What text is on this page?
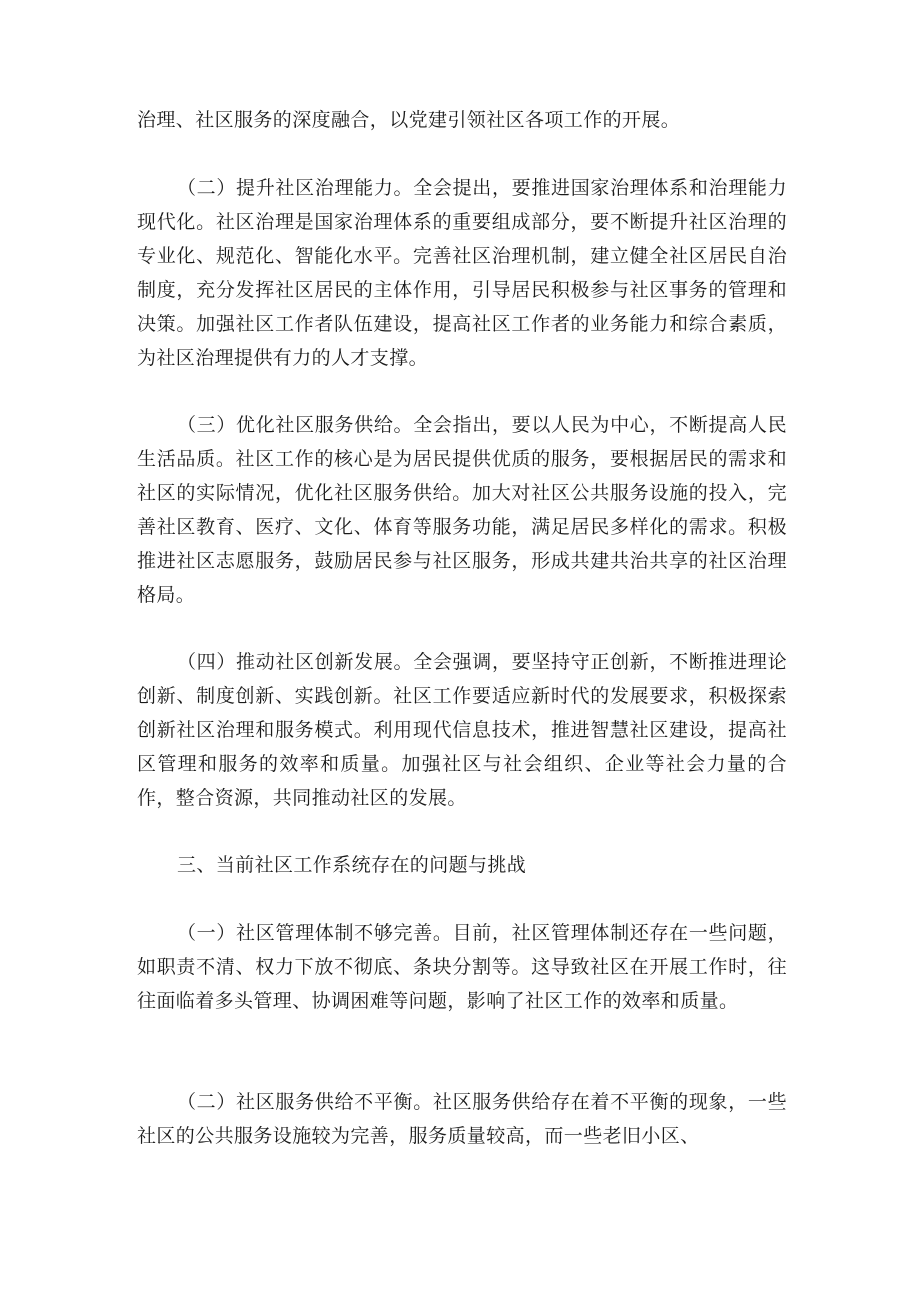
治理、社区服务的深度融合，以党建引领社区各项工作的开展。

（二）提升社区治理能力。全会提出，要推进国家治理体系和治理能力现代化。社区治理是国家治理体系的重要组成部分，要不断提升社区治理的专业化、规范化、智能化水平。完善社区治理机制，建立健全社区居民自治制度，充分发挥社区居民的主体作用，引导居民积极参与社区事务的管理和决策。加强社区工作者队伍建设，提高社区工作者的业务能力和综合素质，为社区治理提供有力的人才支撑。

（三）优化社区服务供给。全会指出，要以人民为中心，不断提高人民生活品质。社区工作的核心是为居民提供优质的服务，要根据居民的需求和社区的实际情况，优化社区服务供给。加大对社区公共服务设施的投入，完善社区教育、医疗、文化、体育等服务功能，满足居民多样化的需求。积极推进社区志愿服务，鼓励居民参与社区服务，形成共建共治共享的社区治理格局。

（四）推动社区创新发展。全会强调，要坚持守正创新，不断推进理论创新、制度创新、实践创新。社区工作要适应新时代的发展要求，积极探索创新社区治理和服务模式。利用现代信息技术，推进智慧社区建设，提高社区管理和服务的效率和质量。加强社区与社会组织、企业等社会力量的合作，整合资源，共同推动社区的发展。

三、当前社区工作系统存在的问题与挑战

（一）社区管理体制不够完善。目前，社区管理体制还存在一些问题，如职责不清、权力下放不彻底、条块分割等。这导致社区在开展工作时，往往面临着多头管理、协调困难等问题，影响了社区工作的效率和质量。

（二）社区服务供给不平衡。社区服务供给存在着不平衡的现象，一些社区的公共服务设施较为完善，服务质量较高，而一些老旧小区、
